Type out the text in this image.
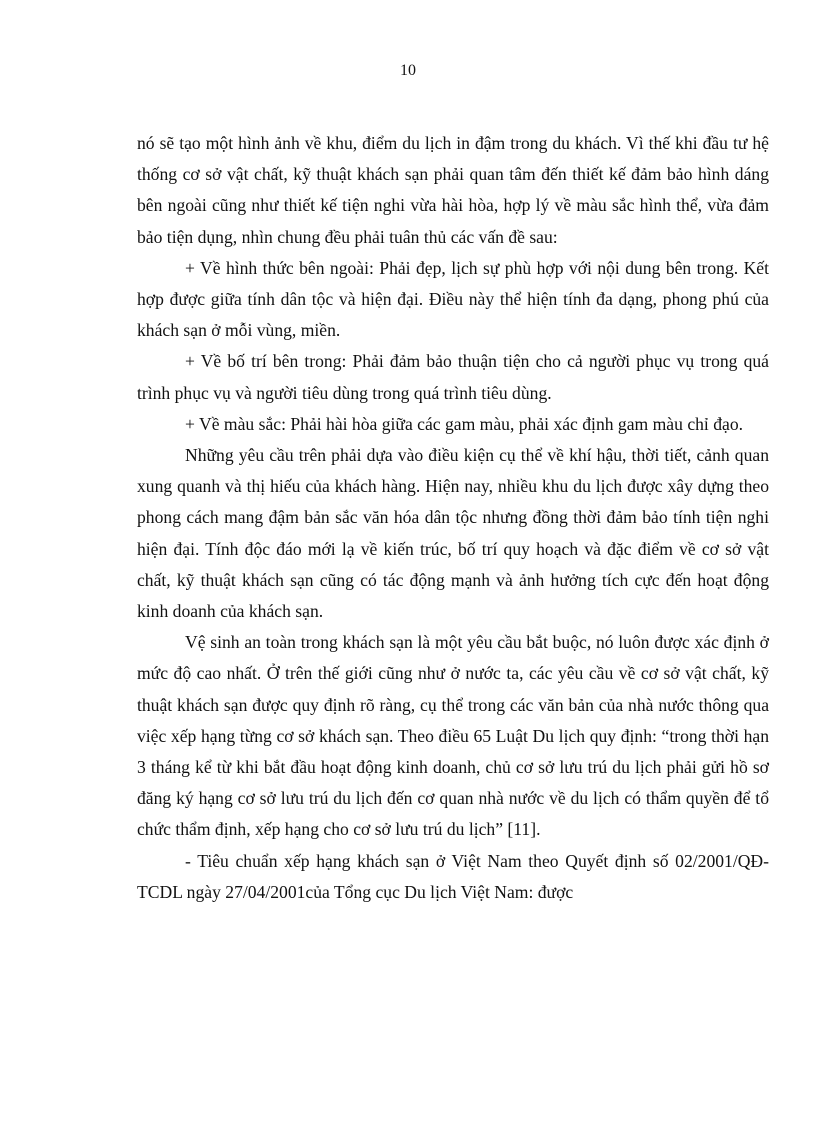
10

nó sẽ tạo một hình ảnh về khu, điểm du lịch in đậm trong du khách. Vì thế khi đầu tư hệ thống cơ sở vật chất, kỹ thuật khách sạn phải quan tâm đến thiết kế đảm bảo hình dáng bên ngoài cũng như thiết kế tiện nghi vừa hài hòa, hợp lý về màu sắc hình thể, vừa đảm bảo tiện dụng, nhìn chung đều phải tuân thủ các vấn đề sau:

+ Về hình thức bên ngoài: Phải đẹp, lịch sự phù hợp với nội dung bên trong. Kết hợp được giữa tính dân tộc và hiện đại. Điều này thể hiện tính đa dạng, phong phú của khách sạn ở mỗi vùng, miền.

+ Về bố trí bên trong: Phải đảm bảo thuận tiện cho cả người phục vụ trong quá trình phục vụ và người tiêu dùng trong quá trình tiêu dùng.

+ Về màu sắc: Phải hài hòa giữa các gam màu, phải xác định gam màu chỉ đạo.

Những yêu cầu trên phải dựa vào điều kiện cụ thể về khí hậu, thời tiết, cảnh quan xung quanh và thị hiếu của khách hàng. Hiện nay, nhiều khu du lịch được xây dựng theo phong cách mang đậm bản sắc văn hóa dân tộc nhưng đồng thời đảm bảo tính tiện nghi hiện đại. Tính độc đáo mới lạ về kiến trúc, bố trí quy hoạch và đặc điểm về cơ sở vật chất, kỹ thuật khách sạn cũng có tác động mạnh và ảnh hưởng tích cực đến hoạt động kinh doanh của khách sạn.

Vệ sinh an toàn trong khách sạn là một yêu cầu bắt buộc, nó luôn được xác định ở mức độ cao nhất. Ở trên thế giới cũng như ở nước ta, các yêu cầu về cơ sở vật chất, kỹ thuật khách sạn được quy định rõ ràng, cụ thể trong các văn bản của nhà nước thông qua việc xếp hạng từng cơ sở khách sạn. Theo điều 65 Luật Du lịch quy định: “trong thời hạn 3 tháng kể từ khi bắt đầu hoạt động kinh doanh, chủ cơ sở lưu trú du lịch phải gửi hồ sơ đăng ký hạng cơ sở lưu trú du lịch đến cơ quan nhà nước về du lịch có thẩm quyền để tổ chức thẩm định, xếp hạng cho cơ sở lưu trú du lịch” [11].

- Tiêu chuẩn xếp hạng khách sạn ở Việt Nam theo Quyết định số 02/2001/QĐ-TCDL ngày 27/04/2001của Tổng cục Du lịch Việt Nam: được
